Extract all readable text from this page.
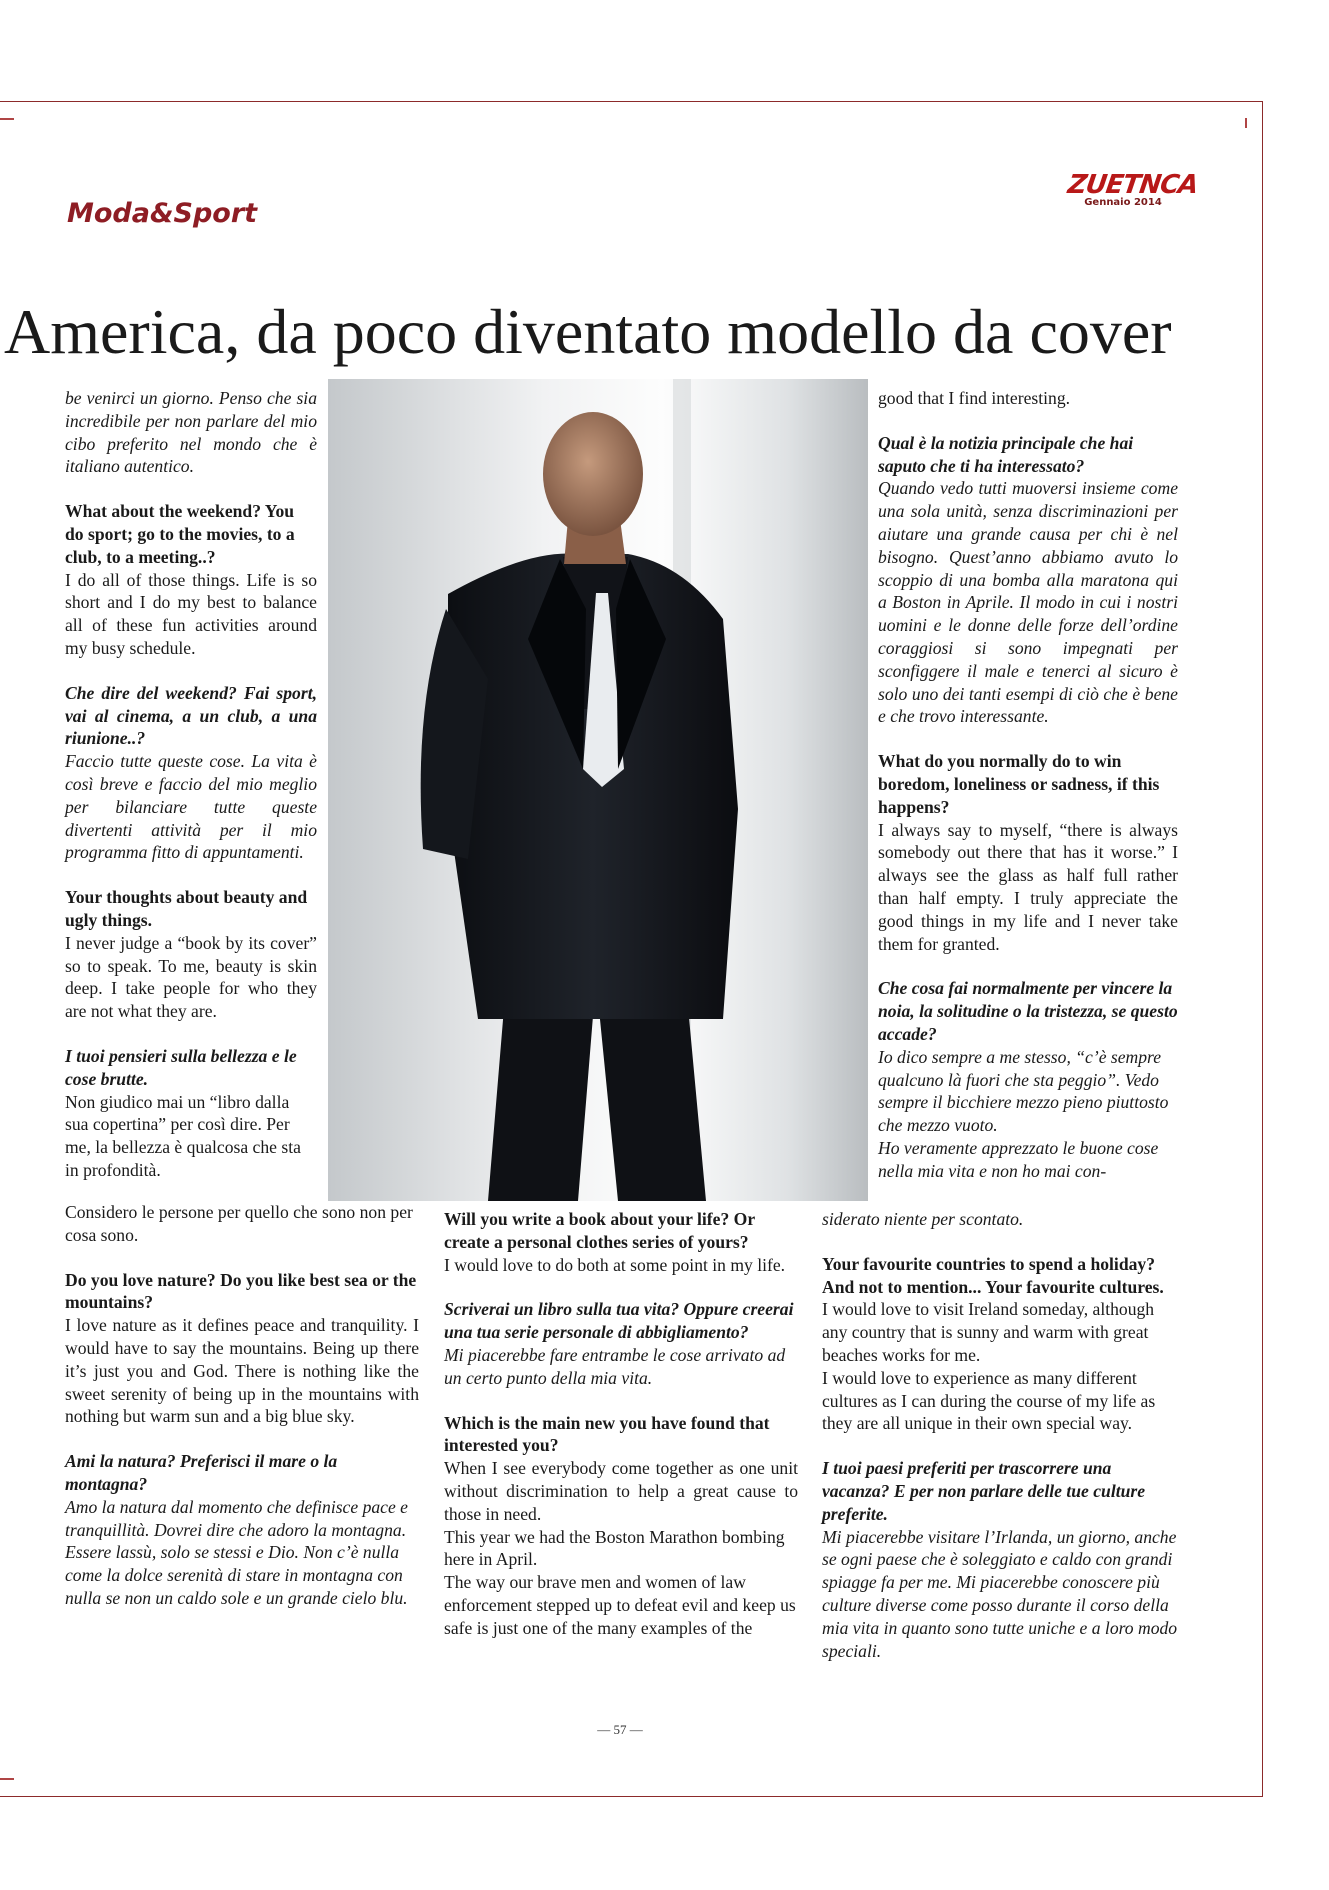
Moda&Sport
ZUETNCA
Gennaio 2014
America, da poco diventato modello da cover

be venirci un giorno. Penso che sia incredibile per non parlare del mio cibo preferito nel mondo che è italiano autentico.

What about the weekend? You do sport; go to the movies, to a club, to a meeting..?

I do all of those things. Life is so short and I do my best to balance all of these fun activities around my busy schedule.

Che dire del weekend? Fai sport, vai al cinema, a un club, a una riunione..?

Faccio tutte queste cose. La vita è così breve e faccio del mio meglio per bilanciare tutte queste divertenti attività per il mio programma fitto di appuntamenti.

Your thoughts about beauty and ugly things.

I never judge a “book by its cover” so to speak. To me, beauty is skin deep. I take people for who they are not what they are.

I tuoi pensieri sulla bellezza e le cose brutte.

Non giudico mai un “libro dalla sua copertina” per così dire. Per me, la bellezza è qualcosa che sta in profondità.

Considero le persone per quello che sono non per cosa sono.

Do you love nature? Do you like best sea or the mountains?

I love nature as it defines peace and tranquility. I would have to say the mountains. Being up there it’s just you and God. There is nothing like the sweet serenity of being up in the mountains with nothing but warm sun and a big blue sky.

Ami la natura? Preferisci il mare o la montagna?

Amo la natura dal momento che definisce pace e tranquillità. Dovrei dire che adoro la montagna.

Essere lassù, solo se stessi e Dio. Non c’è nulla come la dolce serenità di stare in montagna con nulla se non un caldo sole e un grande cielo blu.

Will you write a book about your life? Or create a personal clothes series of yours?

I would love to do both at some point in my life.

Scriverai un libro sulla tua vita? Oppure creerai una tua serie personale di abbigliamento?

Mi piacerebbe fare entrambe le cose arrivato ad un certo punto della mia vita.

Which is the main new you have found that interested you?

When I see everybody come together as one unit without discrimination to help a great cause to those in need.

This year we had the Boston Marathon bombing here in April.

The way our brave men and women of law enforcement stepped up to defeat evil and keep us safe is just one of the many examples of the

good that I find interesting.

Qual è la notizia principale che hai saputo che ti ha interessato?

Quando vedo tutti muoversi insieme come una sola unità, senza discriminazioni per aiutare una grande causa per chi è nel bisogno. Quest’anno abbiamo avuto lo scoppio di una bomba alla maratona qui a Boston in Aprile. Il modo in cui i nostri uomini e le donne delle forze dell’ordine coraggiosi si sono impegnati per sconfiggere il male e tenerci al sicuro è solo uno dei tanti esempi di ciò che è bene e che trovo interessante.

What do you normally do to win boredom, loneliness or sadness, if this happens?

I always say to myself, “there is always somebody out there that has it worse.” I always see the glass as half full rather than half empty. I truly appreciate the good things in my life and I never take them for granted.

Che cosa fai normalmente per vincere la noia, la solitudine o la tristezza, se questo accade?

Io dico sempre a me stesso, “c’è sempre qualcuno là fuori che sta peggio”. Vedo sempre il bicchiere mezzo pieno piuttosto che mezzo vuoto.

Ho veramente apprezzato le buone cose nella mia vita e non ho mai con-

siderato niente per scontato.

Your favourite countries to spend a holiday? And not to mention... Your favourite cultures.

I would love to visit Ireland someday, although any country that is sunny and warm with great beaches works for me.

I would love to experience as many different cultures as I can during the course of my life as they are all unique in their own special way.

I tuoi paesi preferiti per trascorrere una vacanza? E per non parlare delle tue culture preferite.

Mi piacerebbe visitare l’Irlanda, un giorno, anche se ogni paese che è soleggiato e caldo con grandi spiagge fa per me. Mi piacerebbe conoscere più culture diverse come posso durante il corso della mia vita in quanto sono tutte uniche e a loro modo speciali.

— 57 —
